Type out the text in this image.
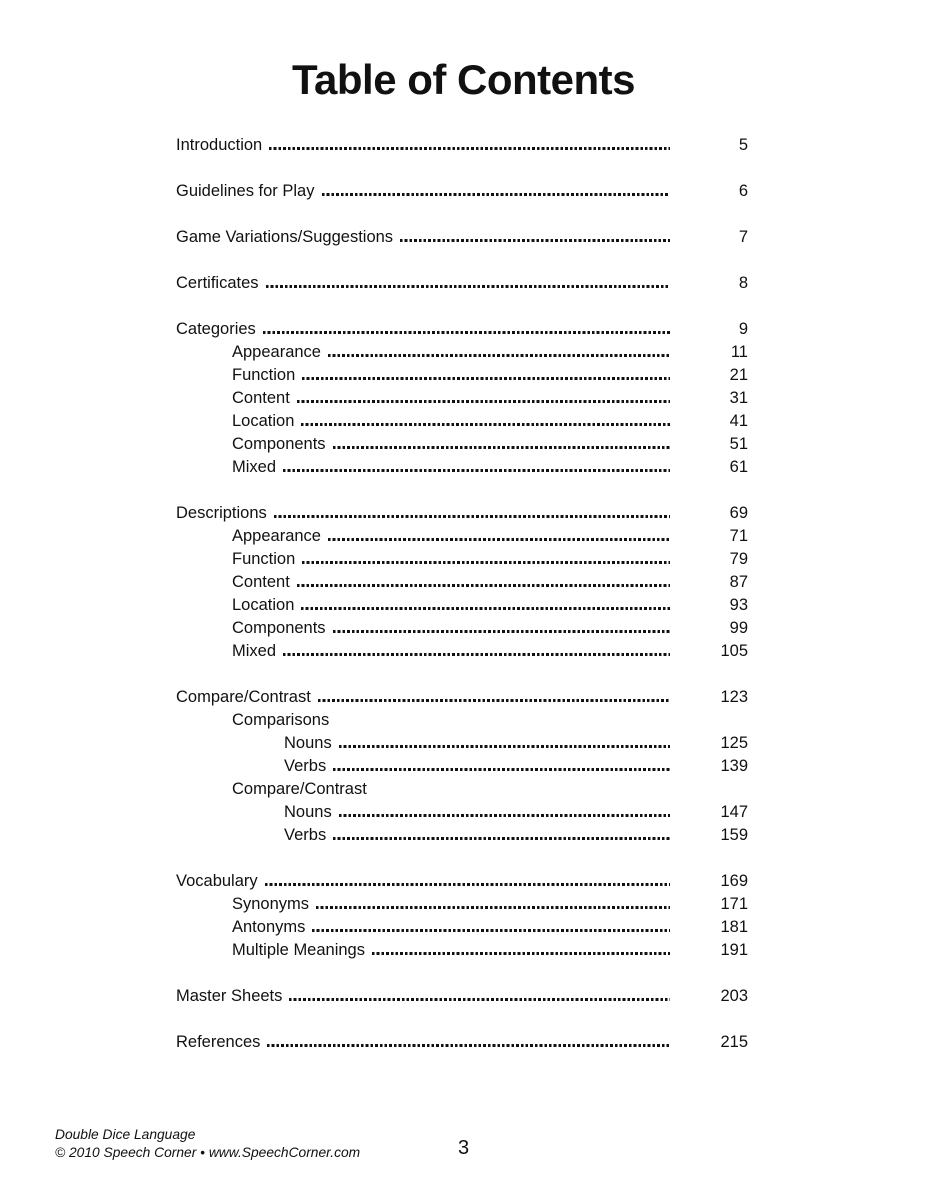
Table of Contents
Introduction	5
Guidelines for Play	6
Game Variations/Suggestions	7
Certificates	8
Categories	9
Appearance	11
Function	21
Content	31
Location	41
Components	51
Mixed	61
Descriptions	69
Appearance	71
Function	79
Content	87
Location	93
Components	99
Mixed	105
Compare/Contrast	123
Comparisons
Nouns	125
Verbs	139
Compare/Contrast
Nouns	147
Verbs	159
Vocabulary	169
Synonyms	171
Antonyms	181
Multiple Meanings	191
Master Sheets	203
References	215
Double Dice Language
© 2010 Speech Corner • www.SpeechCorner.com	3
